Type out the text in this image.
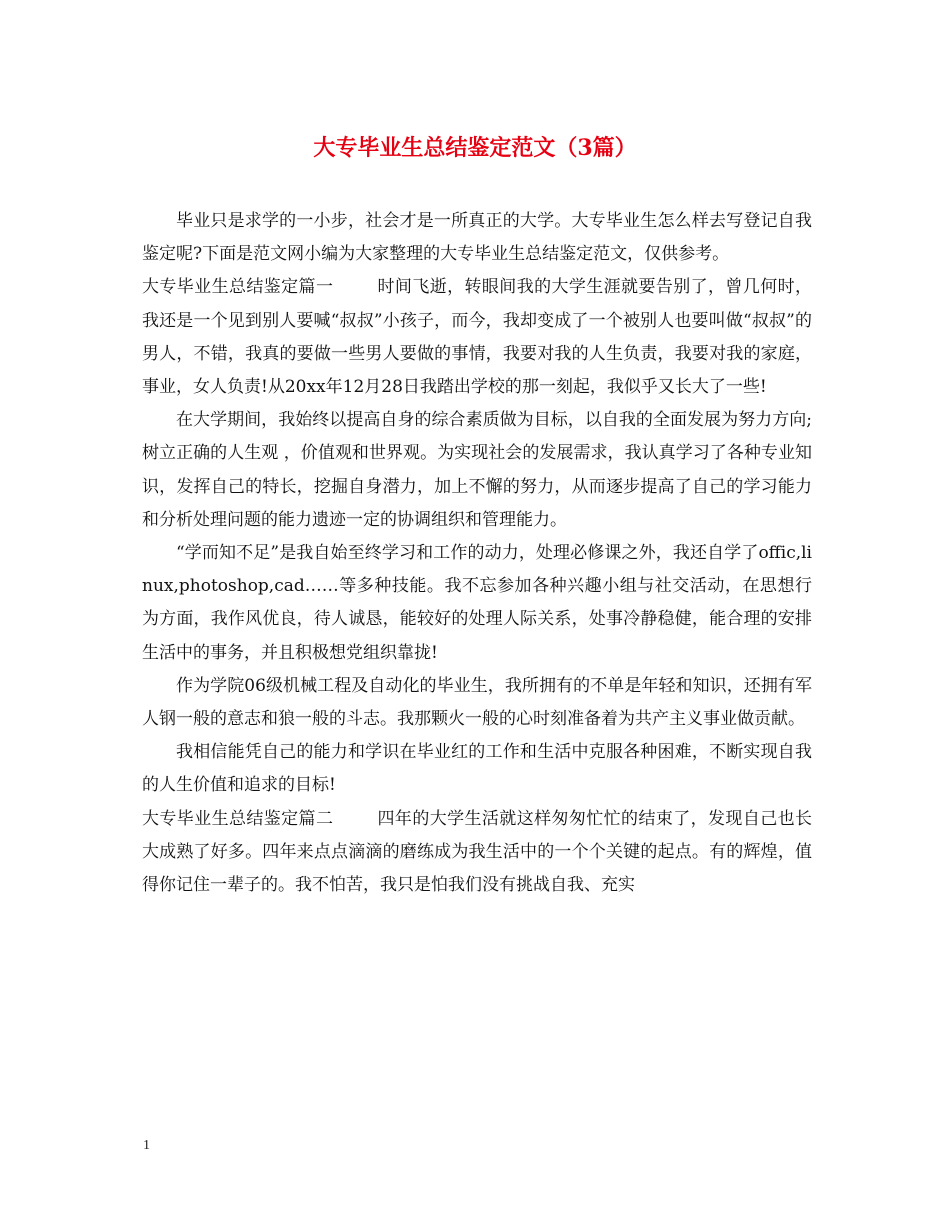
大专毕业生总结鉴定范文（3篇）

毕业只是求学的一小步，社会才是一所真正的大学。大专毕业生怎么样去写登记自我鉴定呢?下面是范文网小编为大家整理的大专毕业生总结鉴定范文，仅供参考。

大专毕业生总结鉴定篇一	时间飞逝，转眼间我的大学生涯就要告别了，曾几何时，我还是一个见到别人要喊“叔叔”小孩子，而今，我却变成了一个被别人也要叫做“叔叔”的男人，不错，我真的要做一些男人要做的事情，我要对我的人生负责，我要对我的家庭，事业，女人负责!从20xx年12月28日我踏出学校的那一刻起，我似乎又长大了一些!

在大学期间，我始终以提高自身的综合素质做为目标，以自我的全面发展为努力方向;树立正确的人生观 ，价值观和世界观。为实现社会的发展需求，我认真学习了各种专业知识，发挥自己的特长，挖掘自身潜力，加上不懈的努力，从而逐步提高了自己的学习能力和分析处理问题的能力遗迹一定的协调组织和管理能力。

“学而知不足”是我自始至终学习和工作的动力，处理必修课之外，我还自学了offic,linux,photoshop,cad……等多种技能。我不忘参加各种兴趣小组与社交活动，在思想行为方面，我作风优良，待人诚恳，能较好的处理人际关系，处事冷静稳健，能合理的安排生活中的事务，并且积极想党组织靠拢!

作为学院06级机械工程及自动化的毕业生，我所拥有的不单是年轻和知识，还拥有军人钢一般的意志和狼一般的斗志。我那颗火一般的心时刻准备着为共产主义事业做贡献。

我相信能凭自己的能力和学识在毕业红的工作和生活中克服各种困难，不断实现自我的人生价值和追求的目标!

大专毕业生总结鉴定篇二	四年的大学生活就这样匆匆忙忙的结束了，发现自己也长大成熟了好多。四年来点点滴滴的磨练成为我生活中的一个个关键的起点。有的辉煌，值得你记住一辈子的。我不怕苦，我只是怕我们没有挑战自我、充实

1
